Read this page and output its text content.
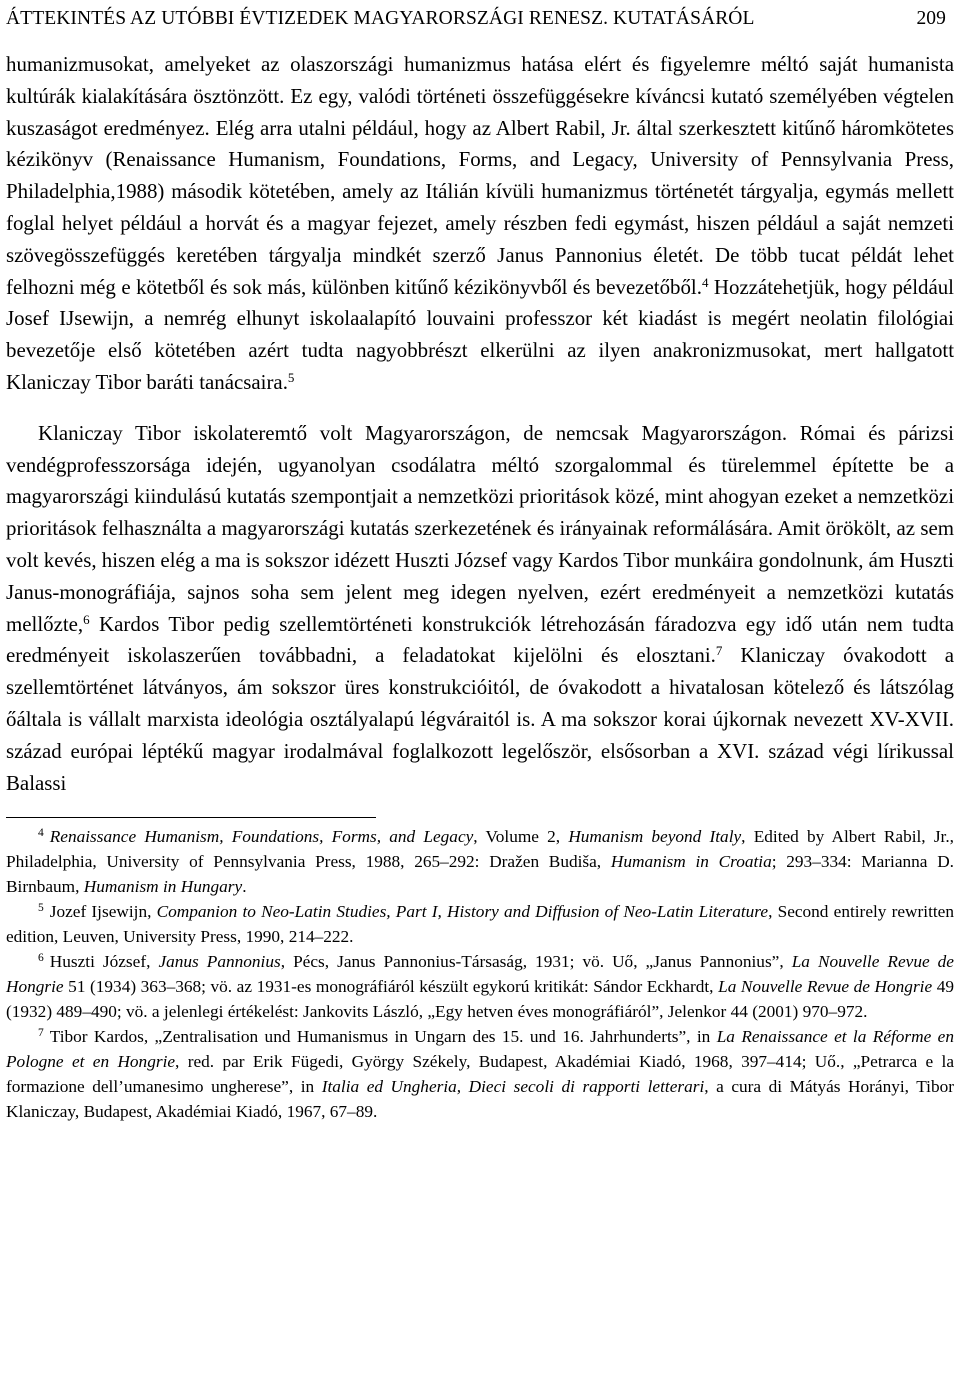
ÁTTEKINTÉS AZ UTÓBBI ÉVTIZEDEK MAGYARORSZÁGI RENESZ. KUTATÁSÁRÓL	209

humanizmusokat, amelyeket az olaszországi humanizmus hatása elért és figyelemre méltó saját humanista kultúrák kialakítására ösztönzött. Ez egy, valódi történeti összefüggésekre kíváncsi kutató személyében végtelen kuszaságot eredményez. Elég arra utalni például, hogy az Albert Rabil, Jr. által szerkesztett kitűnő háromkötetes kézikönyv (Renaissance Humanism, Foundations, Forms, and Legacy, University of Pennsylvania Press, Philadelphia,1988) második kötetében, amely az Itálián kívüli humanizmus történetét tárgyalja, egymás mellett foglal helyet például a horvát és a magyar fejezet, amely részben fedi egymást, hiszen például a saját nemzeti szövegösszefüggés keretében tárgyalja mindkét szerző Janus Pannonius életét. De több tucat példát lehet felhozni még e kötetből és sok más, különben kitűnő kézikönyvből és bevezetőből.$^4$ Hozzátehetjük, hogy például Josef IJsewijn, a nemrég elhunyt iskolaalapító louvaini professzor két kiadást is megért neolatin filológiai bevezetője első kötetében azért tudta nagyobbrészt elkerülni az ilyen anakronizmusokat, mert hallgatott Klaniczay Tibor baráti tanácsaira.$^5$

Klaniczay Tibor iskolateremtő volt Magyarországon, de nemcsak Magyarországon. Római és párizsi vendégprofesszorsága idején, ugyanolyan csodálatra méltó szorgalommal és türelemmel építette be a magyarországi kiindulású kutatás szempontjait a nemzetközi prioritások közé, mint ahogyan ezeket a nemzetközi prioritások felhasználta a magyarországi kutatás szerkezetének és irányainak reformálására. Amit örökölt, az sem volt kevés, hiszen elég a ma is sokszor idézett Huszti József vagy Kardos Tibor munkáira gondolnunk, ám Huszti Janus-monográfiája, sajnos soha sem jelent meg idegen nyelven, ezért eredményeit a nemzetközi kutatás mellőzte,$^6$ Kardos Tibor pedig szellemtörténeti konstrukciók létrehozásán fáradozva egy idő után nem tudta eredményeit iskolaszerűen továbbadni, a feladatokat kijelölni és elosztani.$^7$ Klaniczay óvakodott a szellemtörténet látványos, ám sokszor üres konstrukcióitól, de óvakodott a hivatalosan kötelező és látszólag őáltala is vállalt marxista ideológia osztályalapú légváraitól is. A ma sokszor korai újkornak nevezett XV-XVII. század európai léptékű magyar irodalmával foglalkozott legelőször, elsősorban a XVI. század végi lírikussal Balassi

$^4$ Renaissance Humanism, Foundations, Forms, and Legacy, Volume 2, Humanism beyond Italy, Edited by Albert Rabil, Jr., Philadelphia, University of Pennsylvania Press, 1988, 265–292: Dražen Budiša, Humanism in Croatia; 293–334: Marianna D. Birnbaum, Humanism in Hungary.

$^5$ Jozef Ijsewijn, Companion to Neo-Latin Studies, Part I, History and Diffusion of Neo-Latin Literature, Second entirely rewritten edition, Leuven, University Press, 1990, 214–222.

$^6$ Huszti József, Janus Pannonius, Pécs, Janus Pannonius-Társaság, 1931; vö. Uő, „Janus Pannonius”, La Nouvelle Revue de Hongrie 51 (1934) 363–368; vö. az 1931-es monográfiáról készült egykorú kritikát: Sándor Eckhardt, La Nouvelle Revue de Hongrie 49 (1932) 489–490; vö. a jelenlegi értékelést: Jankovits László, „Egy hetven éves monográfiáról”, Jelenkor 44 (2001) 970–972.

$^7$ Tibor Kardos, „Zentralisation und Humanismus in Ungarn des 15. und 16. Jahrhunderts”, in La Renaissance et la Réforme en Pologne et en Hongrie, red. par Erik Fügedi, György Székely, Budapest, Akadémiai Kiadó, 1968, 397–414; Uő., „Petrarca e la formazione dell’umanesimo ungherese”, in Italia ed Ungheria, Dieci secoli di rapporti letterari, a cura di Mátyás Horányi, Tibor Klaniczay, Budapest, Akadémiai Kiadó, 1967, 67–89.
